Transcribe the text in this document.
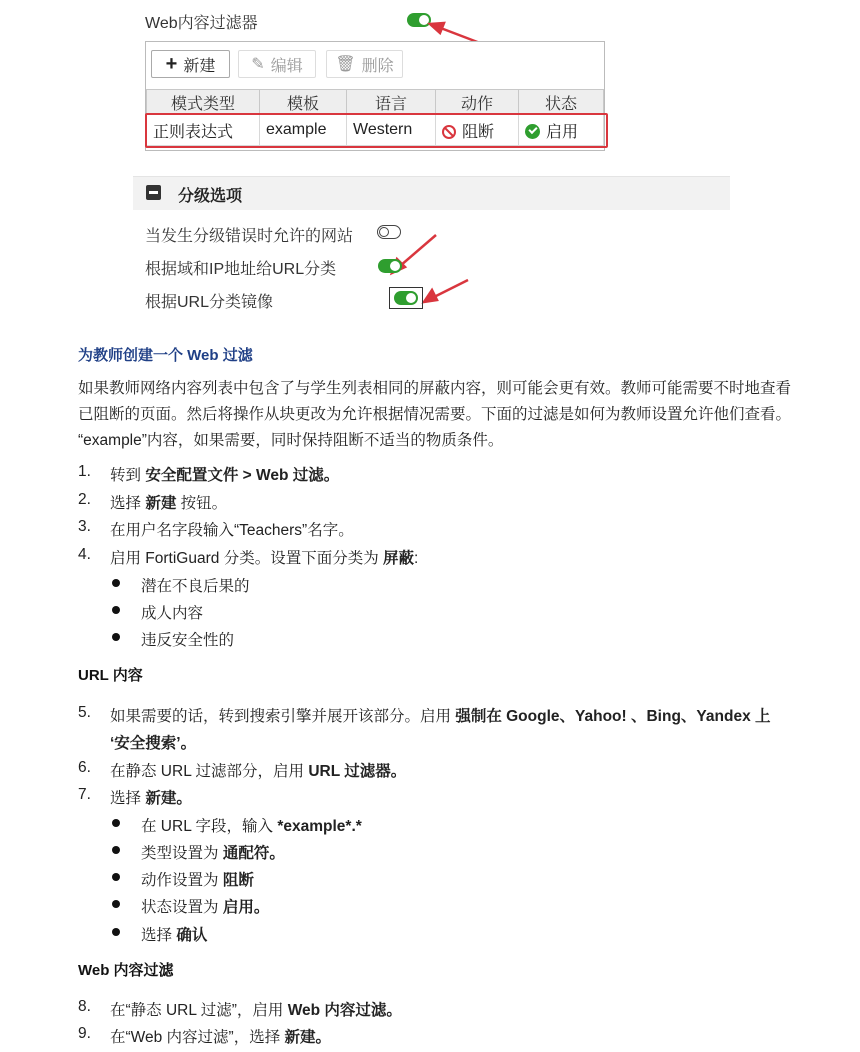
Web内容过滤器
+ 新建 ✎ 编辑 🗑 删除
模式类型	模板	语言	动作	状态
正则表达式	example	Western	阻断	启用
分级选项
当发生分级错误时允许的网站
根据域和IP地址给URL分类
根据URL分类镜像
为教师创建一个 Web 过滤
如果教师网络内容列表中包含了与学生列表相同的屏蔽内容，则可能会更有效。教师可能需要不时地查看
已阻断的页面。然后将操作从块更改为允许根据情况需要。下面的过滤是如何为教师设置允许他们查看。
“example”内容，如果需要，同时保持阻断不适当的物质条件。
1. 转到 安全配置文件 > Web 过滤。
2. 选择 新建 按钮。
3. 在用户名字段输入“Teachers”名字。
4. 启用 FortiGuard 分类。设置下面分类为 屏蔽:
潜在不良后果的
成人内容
违反安全性的
URL 内容
5. 如果需要的话，转到搜索引擎并展开该部分。启用 强制在 Google、Yahoo! 、Bing、Yandex 上
‘安全搜索’。
6. 在静态 URL 过滤部分，启用 URL 过滤器。
7. 选择 新建。
在 URL 字段，输入 *example*.*
类型设置为 通配符。
动作设置为 阻断
状态设置为 启用。
选择 确认
Web 内容过滤
8. 在“静态 URL 过滤”，启用 Web 内容过滤。
9. 在“Web 内容过滤”，选择 新建。
